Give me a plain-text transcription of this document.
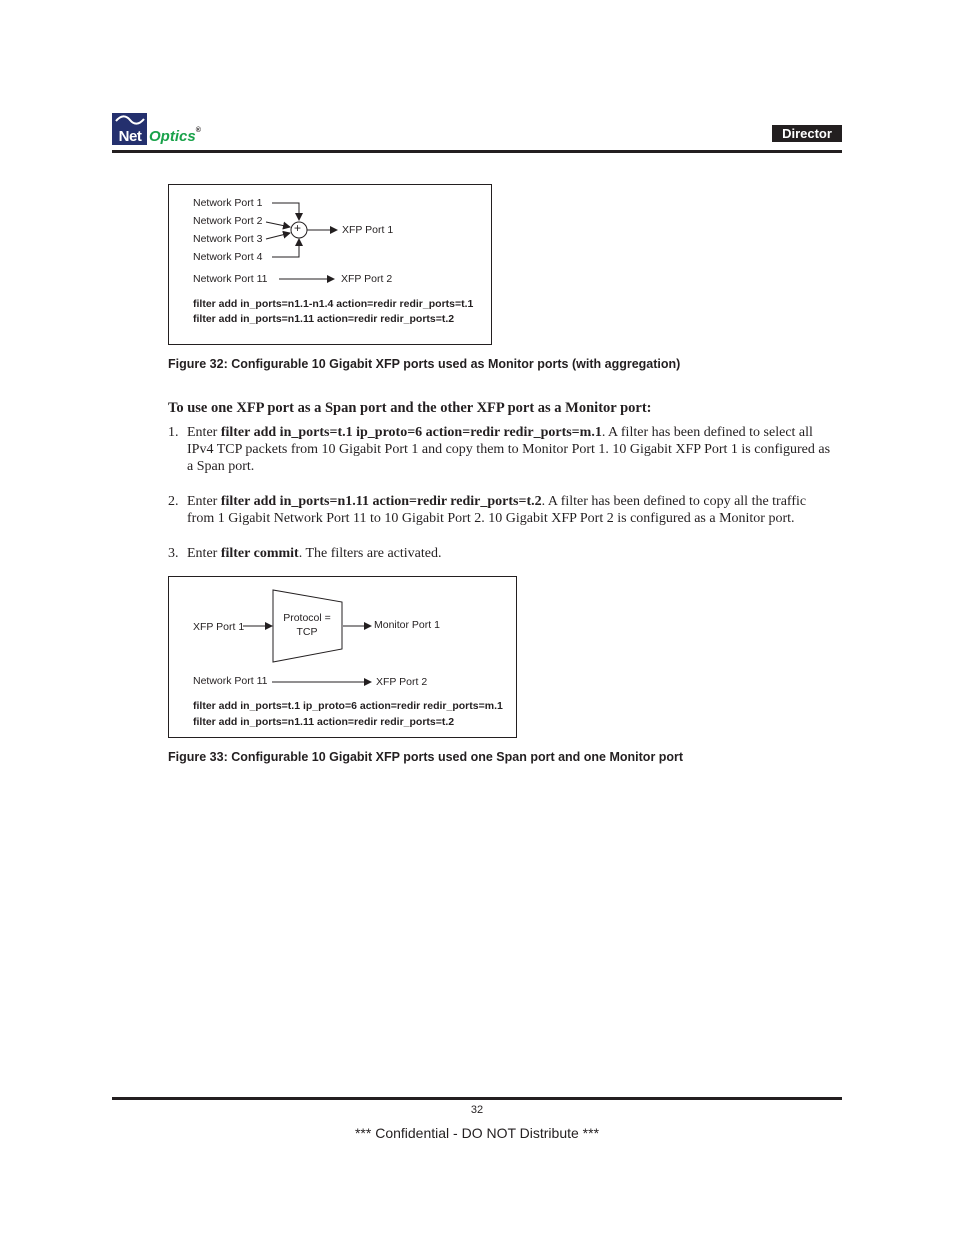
Net Optics®	Director
Network Port 1
Network Port 2
Network Port 3
Network Port 4
+	XFP Port 1
Network Port 11	XFP Port 2
filter add in_ports=n1.1-n1.4 action=redir redir_ports=t.1
filter add in_ports=n1.11 action=redir redir_ports=t.2
Figure 32: Configurable 10 Gigabit XFP ports used as Monitor ports (with aggregation)
To use one XFP port as a Span port and the other XFP port as a Monitor port:
1. Enter filter add in_ports=t.1 ip_proto=6 action=redir redir_ports=m.1. A filter has been defined to select all IPv4 TCP packets from 10 Gigabit Port 1 and copy them to Monitor Port 1. 10 Gigabit XFP Port 1 is configured as a Span port.
2. Enter filter add in_ports=n1.11 action=redir redir_ports=t.2. A filter has been defined to copy all the traffic from 1 Gigabit Network Port 11 to 10 Gigabit Port 2. 10 Gigabit XFP Port 2 is configured as a Monitor port.
3. Enter filter commit. The filters are activated.
XFP Port 1
Protocol =
TCP
Monitor Port 1
Network Port 11	XFP Port 2
filter add in_ports=t.1 ip_proto=6 action=redir redir_ports=m.1
filter add in_ports=n1.11 action=redir redir_ports=t.2
Figure 33: Configurable 10 Gigabit XFP ports used one Span port and one Monitor port
32
*** Confidential - DO NOT Distribute ***
